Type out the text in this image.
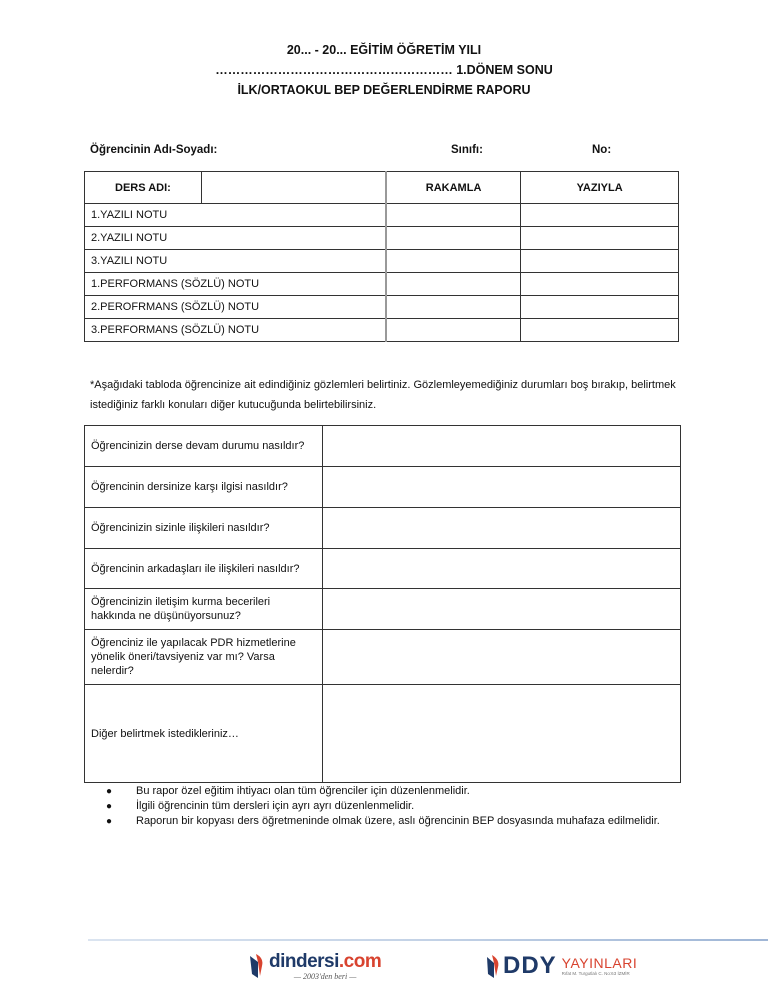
20... - 20... EĞİTİM ÖĞRETİM YILI
………………………………………………… 1.DÖNEM SONU
İLK/ORTAOKUL BEP DEĞERLENDİRME RAPORU
Öğrencinin Adı-Soyadı:	Sınıfı:	No:
DERS ADI:		RAKAMLA	YAZIYLA
1.YAZILI NOTU			
2.YAZILI NOTU			
3.YAZILI NOTU			
1.PERFORMANS (SÖZLÜ) NOTU			
2.PEROFRMANS (SÖZLÜ) NOTU			
3.PERFORMANS (SÖZLÜ) NOTU			
*Aşağıdaki tabloda öğrencinize ait edindiğiniz gözlemleri belirtiniz. Gözlemleyemediğiniz durumları boş bırakıp, belirtmek istediğiniz farklı konuları diğer kutucuğunda belirtebilirsiniz.
Öğrencinizin derse devam durumu nasıldır?	
Öğrencinin dersinize karşı ilgisi nasıldır?	
Öğrencinizin sizinle ilişkileri nasıldır?	
Öğrencinin arkadaşları ile ilişkileri nasıldır?	
Öğrencinizin iletişim kurma becerileri hakkında ne düşünüyorsunuz?	
Öğrenciniz ile yapılacak PDR hizmetlerine yönelik öneri/tavsiyeniz var mı? Varsa nelerdir?	
Diğer belirtmek istedikleriniz…	
● Bu rapor özel eğitim ihtiyacı olan tüm öğrenciler için düzenlenmelidir.
● İlgili öğrencinin tüm dersleri için ayrı ayrı düzenlenmelidir.
● Raporun bir kopyası ders öğretmeninde olmak üzere, aslı öğrencinin BEP dosyasında muhafaza edilmelidir.
dindersi.com
— 2003'den beri —	DDY YAYINLARI
Rıfat M. Turgutlalı C. No:63 İZMİR
